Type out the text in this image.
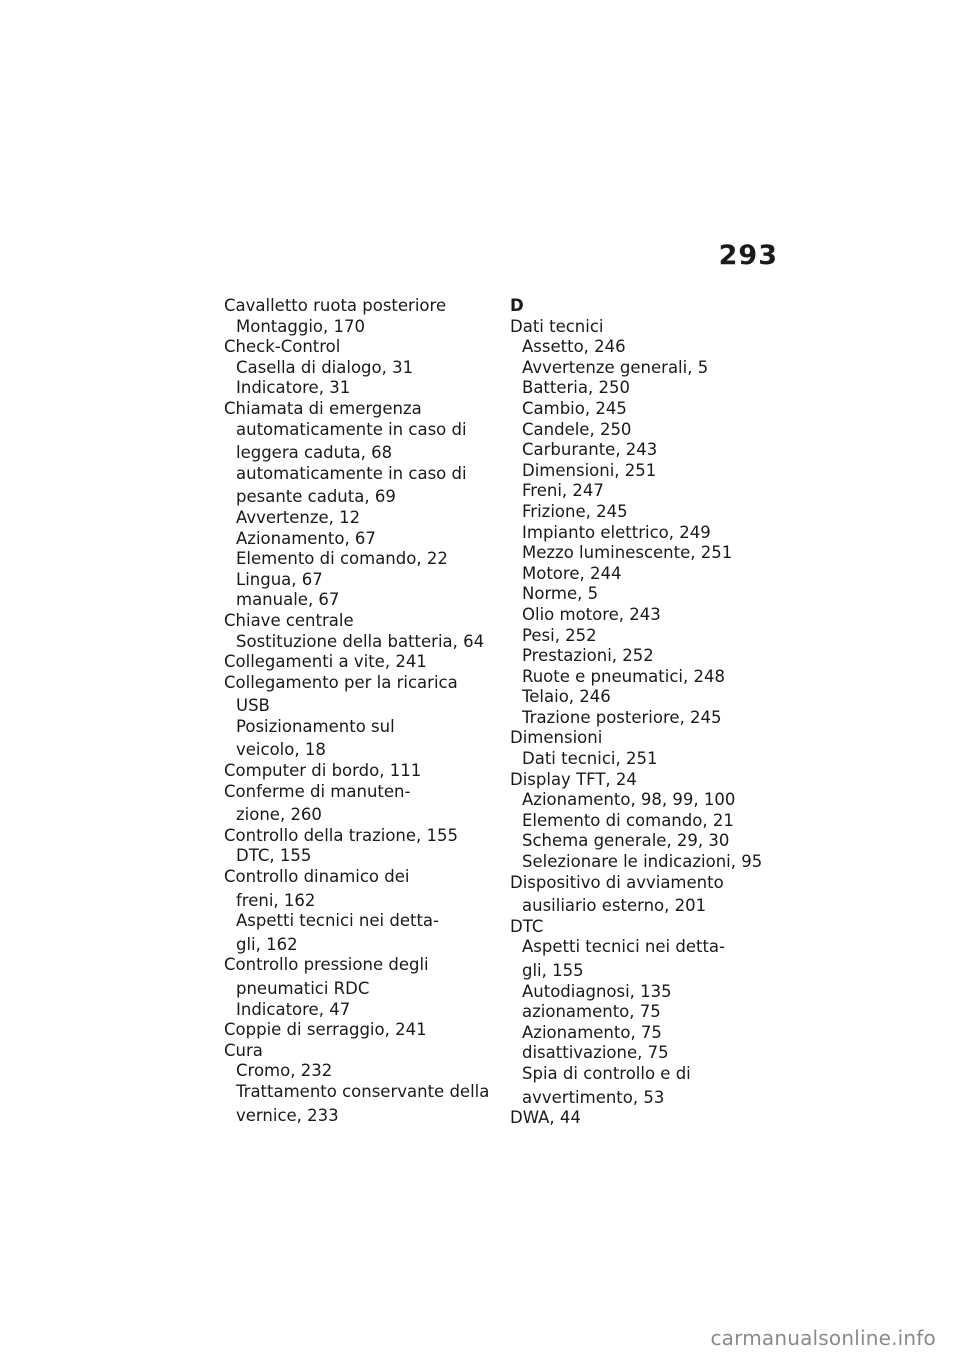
293
Cavalletto ruota posteriore
Montaggio, 170
Check-Control
Casella di dialogo, 31
Indicatore, 31
Chiamata di emergenza
automaticamente in caso di
leggera caduta, 68
automaticamente in caso di
pesante caduta, 69
Avvertenze, 12
Azionamento, 67
Elemento di comando, 22
Lingua, 67
manuale, 67
Chiave centrale
Sostituzione della batteria, 64
Collegamenti a vite, 241
Collegamento per la ricarica
USB
Posizionamento sul
veicolo, 18
Computer di bordo, 111
Conferme di manuten-
zione, 260
Controllo della trazione, 155
DTC, 155
Controllo dinamico dei
freni, 162
Aspetti tecnici nei detta-
gli, 162
Controllo pressione degli
pneumatici RDC
Indicatore, 47
Coppie di serraggio, 241
Cura
Cromo, 232
Trattamento conservante della
vernice, 233
D
Dati tecnici
Assetto, 246
Avvertenze generali, 5
Batteria, 250
Cambio, 245
Candele, 250
Carburante, 243
Dimensioni, 251
Freni, 247
Frizione, 245
Impianto elettrico, 249
Mezzo luminescente, 251
Motore, 244
Norme, 5
Olio motore, 243
Pesi, 252
Prestazioni, 252
Ruote e pneumatici, 248
Telaio, 246
Trazione posteriore, 245
Dimensioni
Dati tecnici, 251
Display TFT, 24
Azionamento, 98, 99, 100
Elemento di comando, 21
Schema generale, 29, 30
Selezionare le indicazioni, 95
Dispositivo di avviamento
ausiliario esterno, 201
DTC
Aspetti tecnici nei detta-
gli, 155
Autodiagnosi, 135
azionamento, 75
Azionamento, 75
disattivazione, 75
Spia di controllo e di
avvertimento, 53
DWA, 44
carmanualsonline.info
